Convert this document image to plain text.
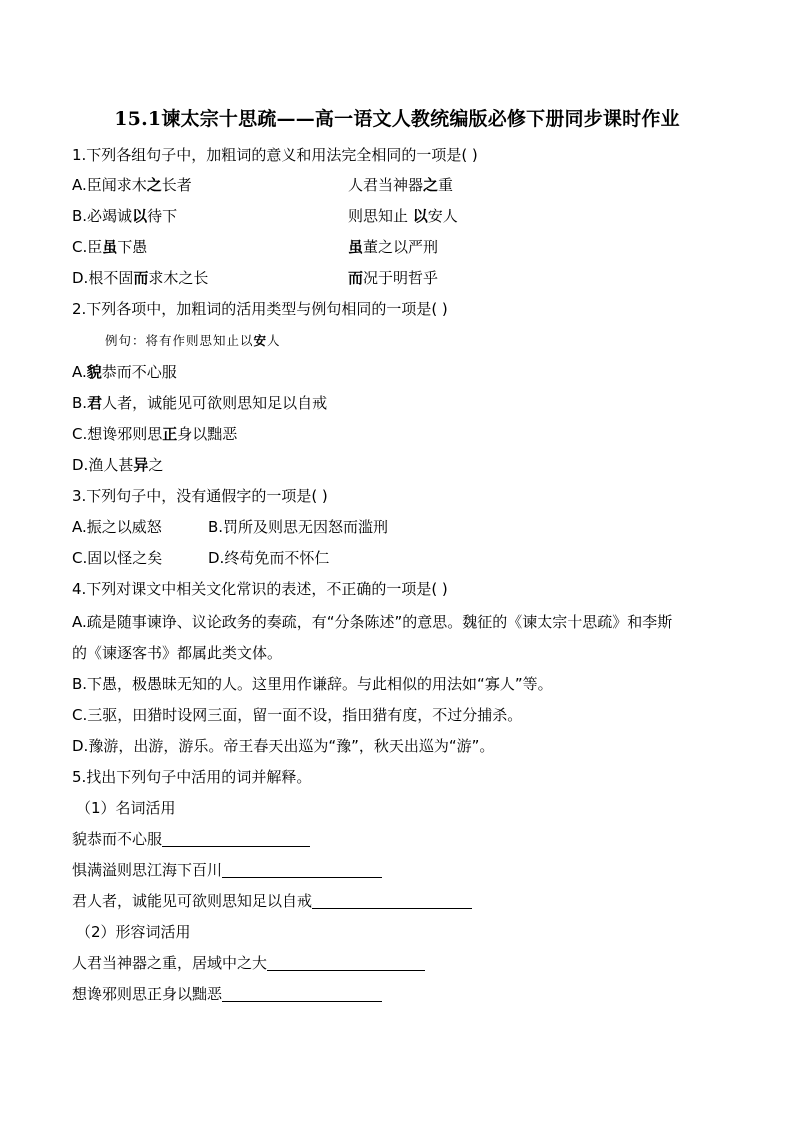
15.1谏太宗十思疏——高一语文人教统编版必修下册同步课时作业
1.下列各组句子中，加粗词的意义和用法完全相同的一项是( )
A.臣闻求木之长者	人君当神器之重
B.必竭诚以待下	则思知止 以安人
C.臣虽下愚	虽董之以严刑
D.根不固而求木之长	而况于明哲乎
2.下列各项中，加粗词的活用类型与例句相同的一项是( )
例句：将有作则思知止以安人
A.貌恭而不心服
B.君人者，诚能见可欲则思知足以自戒
C.想谗邪则思正身以黜恶
D.渔人甚异之
3.下列句子中，没有通假字的一项是( )
A.振之以威怒	B.罚所及则思无因怒而滥刑
C.固以怪之矣	D.终苟免而不怀仁
4.下列对课文中相关文化常识的表述，不正确的一项是( )
A.疏是随事谏诤、议论政务的奏疏，有“分条陈述”的意思。魏征的《谏太宗十思疏》和李斯
的《谏逐客书》都属此类文体。
B.下愚，极愚昧无知的人。这里用作谦辞。与此相似的用法如“寡人”等。
C.三驱，田猎时设网三面，留一面不设，指田猎有度，不过分捕杀。
D.豫游，出游，游乐。帝王春天出巡为“豫”，秋天出巡为“游”。
5.找出下列句子中活用的词并解释。
（1）名词活用
貌恭而不心服
惧满溢则思江海下百川
君人者，诚能见可欲则思知足以自戒
（2）形容词活用
人君当神器之重，居域中之大
想谗邪则思正身以黜恶
